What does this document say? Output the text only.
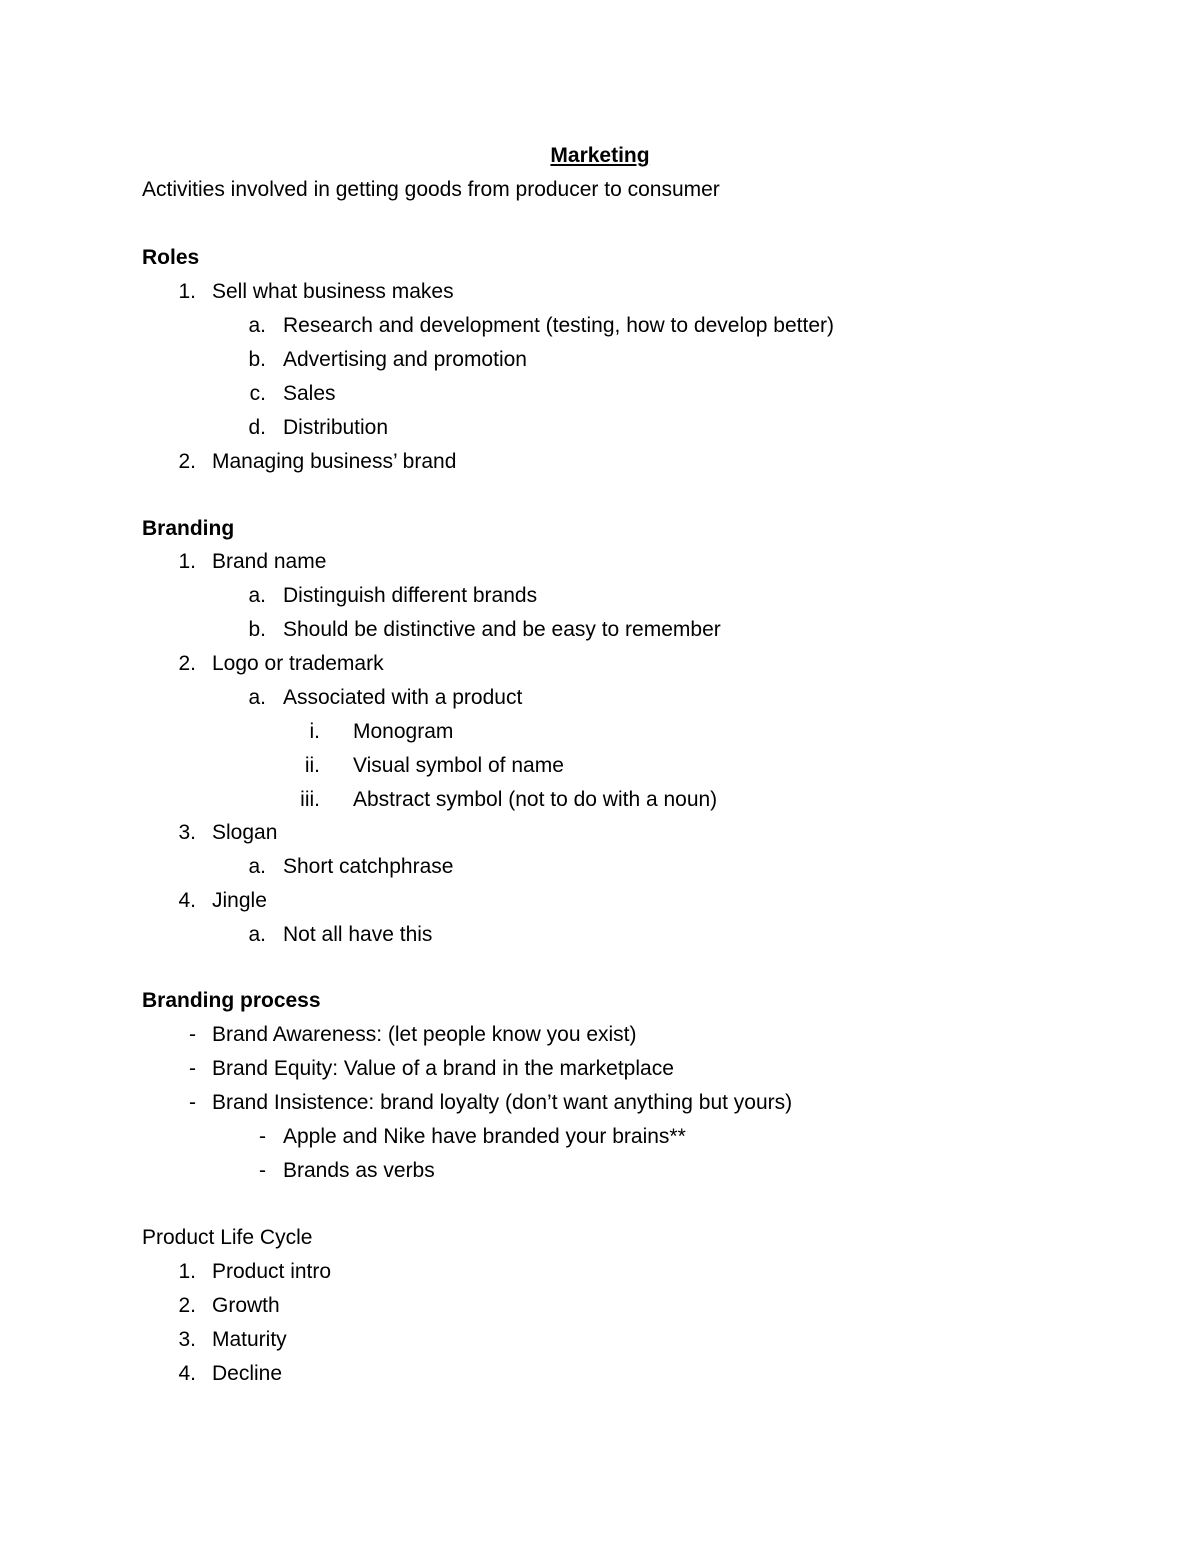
Marketing
Activities involved in getting goods from producer to consumer
Roles
1. Sell what business makes
a. Research and development (testing, how to develop better)
b. Advertising and promotion
c. Sales
d. Distribution
2. Managing business’ brand
Branding
1. Brand name
a. Distinguish different brands
b. Should be distinctive and be easy to remember
2. Logo or trademark
a. Associated with a product
i. Monogram
ii. Visual symbol of name
iii. Abstract symbol (not to do with a noun)
3. Slogan
a. Short catchphrase
4. Jingle
a. Not all have this
Branding process
- Brand Awareness: (let people know you exist)
- Brand Equity: Value of a brand in the marketplace
- Brand Insistence: brand loyalty (don’t want anything but yours)
- Apple and Nike have branded your brains**
- Brands as verbs
Product Life Cycle
1. Product intro
2. Growth
3. Maturity
4. Decline
